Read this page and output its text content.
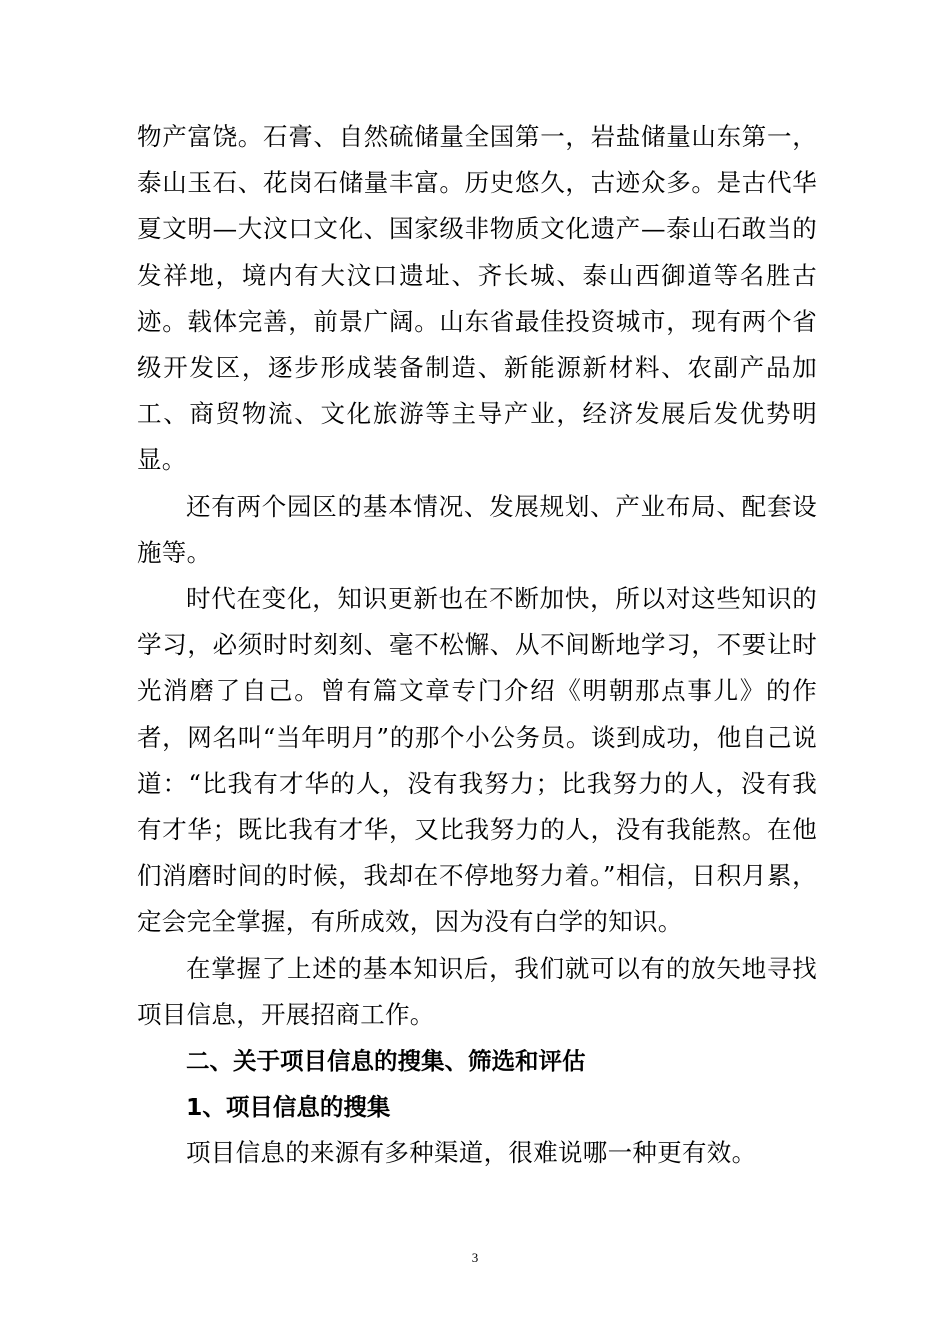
物产富饶。石膏、自然硫储量全国第一，岩盐储量山东第一，泰山玉石、花岗石储量丰富。历史悠久，古迹众多。是古代华夏文明—大汶口文化、国家级非物质文化遗产—泰山石敢当的发祥地，境内有大汶口遗址、齐长城、泰山西御道等名胜古迹。载体完善，前景广阔。山东省最佳投资城市，现有两个省级开发区，逐步形成装备制造、新能源新材料、农副产品加工、商贸物流、文化旅游等主导产业，经济发展后发优势明显。

还有两个园区的基本情况、发展规划、产业布局、配套设施等。

时代在变化，知识更新也在不断加快，所以对这些知识的学习，必须时时刻刻、毫不松懈、从不间断地学习，不要让时光消磨了自己。曾有篇文章专门介绍《明朝那点事儿》的作者，网名叫“当年明月”的那个小公务员。谈到成功，他自己说道：“比我有才华的人，没有我努力；比我努力的人，没有我有才华；既比我有才华，又比我努力的人，没有我能熬。在他们消磨时间的时候，我却在不停地努力着。”相信，日积月累，定会完全掌握，有所成效，因为没有白学的知识。

在掌握了上述的基本知识后，我们就可以有的放矢地寻找项目信息，开展招商工作。

二、关于项目信息的搜集、筛选和评估

1、项目信息的搜集

项目信息的来源有多种渠道，很难说哪一种更有效。

3
